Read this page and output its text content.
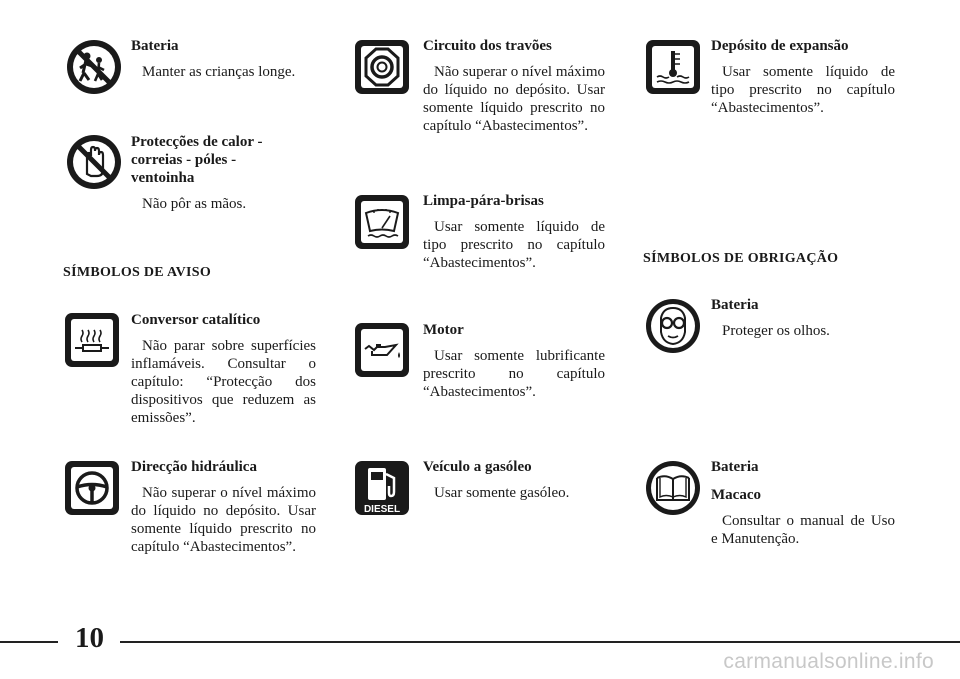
Bateria

Manter as crianças longe.

Protecções de calor - correias - póles - ventoinha

Não pôr as mãos.

SÍMBOLOS DE AVISO

Conversor catalítico

Não parar sobre superfícies inflamáveis. Consultar o capítulo: “Protecção dos dispositivos que reduzem as emissões”.

Direcção hidráulica

Não superar o nível máximo do líquido no depósito. Usar somente líquido prescrito no capítulo “Abastecimentos”.

Circuito dos travões

Não superar o nível máximo do líquido no depósito. Usar somente líquido prescrito no capítulo “Abastecimentos”.

Limpa-pára-brisas

Usar somente líquido de tipo prescrito no capítulo “Abastecimentos”.

Motor

Usar somente lubrificante prescrito no capítulo “Abastecimentos”.

DIESEL

Veículo a gasóleo

Usar somente gasóleo.

Depósito de expansão

Usar somente líquido de tipo prescrito no capítulo “Abastecimentos”.

SÍMBOLOS DE OBRIGAÇÃO

Bateria

Proteger os olhos.

Bateria

Macaco

Consultar o manual de Uso e Manutenção.

10
carmanualsonline.info
